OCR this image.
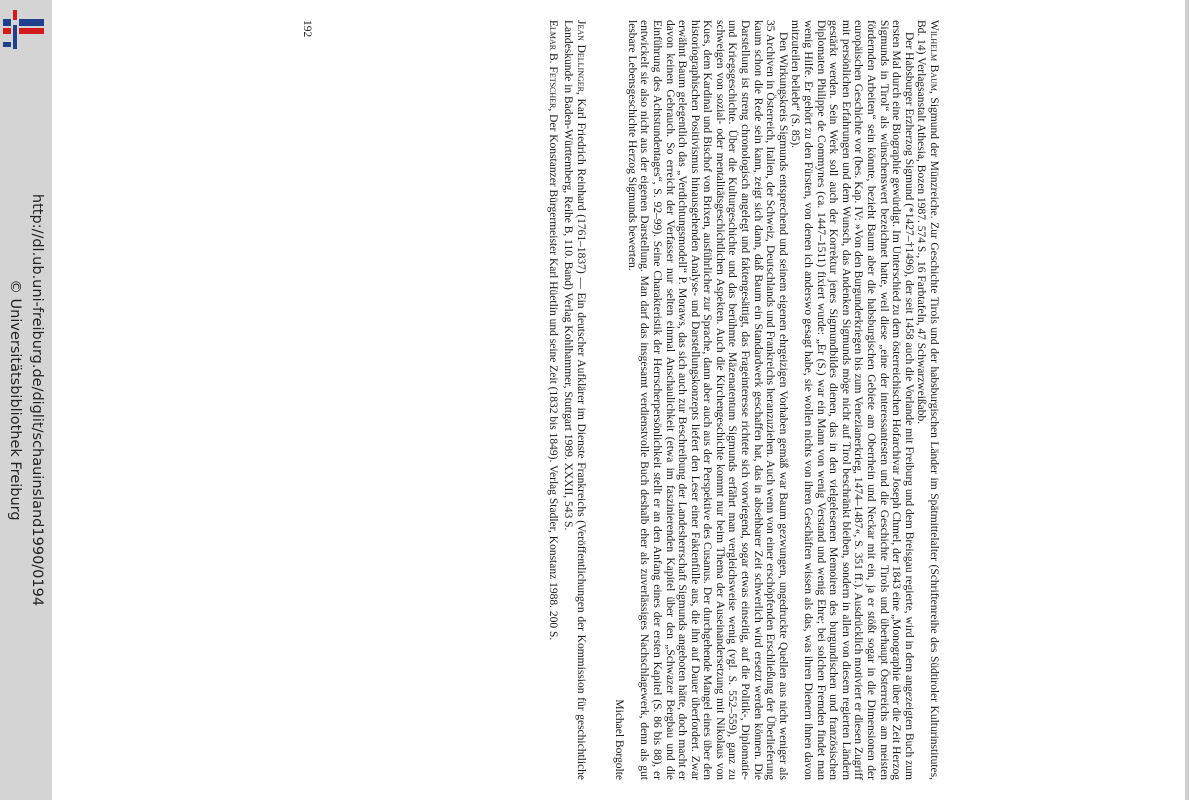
http://dl.ub.uni-freiburg.de/diglit/schauinsland1990/0194
© Universitätsbibliothek Freiburg

Wilhelm Baum, Sigmund der Münzreiche. Zur Geschichte Tirols und der habsburgischen Länder im Spätmittelalter (Schriftenreihe des Südtiroler Kulturinstitutes, Bd. 14) Verlagsanstalt Athesia, Bozen 1987. 574 S., 16 Farbtafeln, 47 Schwarzweißabb.

Der Habsburger Erzherzog Sigmund (*1427–†1496), der seit 1458 auch die Vorlande mit Freiburg und dem Breisgau regierte, wird in dem angezeigten Buch zum ersten Mal durch eine Biographie gewürdigt. Im Unterschied zu dem österreichischen Hofarchivar Joseph Chmel, der 1843 eine „Monographie über die Zeit Herzog Sigmunds in Tirol“ als wünschenswert bezeichnet hatte, weil diese „eine der interessantesten und die Geschichte Tirols und überhaupt Österreichs am meisten fördernden Arbeiten“ sein könnte, bezieht Baum aber die habsburgischen Gebiete am Oberrhein und Neckar mit ein, ja er stößt sogar in die Dimensionen der europäischen Geschichte vor (bes. Kap. IV: »Von den Burgunderkriegen bis zum Venezianerkrieg, 1474–1487«, S. 351 ff.). Ausdrücklich motiviert er diesen Zugriff mit persönlichen Erfahrungen und dem Wunsch, das Andenken Sigmunds möge nicht auf Tirol beschränkt bleiben, sondern in allen von diesem regierten Ländern gestärkt werden. Sein Werk soll auch der Korrektur jenes Sigmundbildes dienen, das in den vielgelesenen Memoiren des burgundischen und französischen Diplomaten Philippe de Commynes (ca. 1447–1511) fixiert wurde: „Er (S.) war ein Mann von wenig Verstand und wenig Ehre; bei solchen Fremden findet man wenig Hilfe. Er gehört zu den Fürsten, von denen ich anderswo gesagt habe, sie wollen nichts von ihren Geschäften wissen als das, was ihren Dienern ihnen davon mitzuteilen beliebt“ (S. 85).

Den Wirkungskreis Sigmunds entsprechend und seinem eigenen ehrgeizigen Vorhaben gemäß war Baum gezwungen, ungedruckte Quellen aus nicht weniger als 35 Archiven in Österreich, Italien, der Schweiz, Deutschlands und Frankreichs heranzuziehen. Auch wenn von einer erschöpfenden Erschließung der Überlieferung kaum schon die Rede sein kann, zeigt sich dann, daß Baum ein Standardwerk geschaffen hat, das in absehbarer Zeit schwerlich wird ersetzt werden können. Die Darstellung ist streng chronologisch angelegt und faktengesättigt, das Frageinteresse richtete sich vorwiegend, sogar etwas einseitig, auf die Politik-, Diplomatie- und Kriegsgeschichte. Über die Kulturgeschichte und das berühmte Mäzenatentum Sigmunds erfährt man vergleichsweise wenig (vgl. S. 552–559), ganz zu schweigen von sozial- oder mentalitätsgeschichtlichen Aspekten. Auch die Kirchengeschichte kommt nur beim Thema der Auseinandersetzung mit Nikolaus von Kues, dem Kardinal und Bischof von Brixen, ausführlicher zur Sprache, dann aber auch aus der Perspektive des Cusanus. Der durchgehende Mangel eines über den historiographischen Positivismus hinausgehenden Analyse- und Darstellungskonzepts liefert den Leser einer Faktenfülle aus, die ihn auf Dauer überfordert. Zwar erwähnt Baum gelegentlich das „Verdichtungsmodell“ P. Moraws, das sich auch zur Beschreibung der Landesherrschaft Sigmunds angeboten hätte, doch macht er davon keinen Gebrauch. So erreicht der Verfasser nur selten einmal Anschaulichkeit (etwa im faszinierenden Kapitel über den „Schwazer Bergbau und die Einführung des Achtstundentages“, S. 92–99). Seine Charakteristik der Herrscherpersönlichkeit stellt er an den Anfang eines der ersten Kapitel (S. 86 bis 88), er entwickelt sie also nicht aus der eigenen Darstellung. Man darf das insgesamt verdienstvolle Buch deshalb eher als zuverlässiges Nachschlagewerk, denn als gut lesbare Lebensgeschichte Herzog Sigmunds bewerten.

Michael Borgolte

Jean Dellinger, Karl Friedrich Reinhard (1761–1837) — Ein deutscher Aufklärer im Dienste Frankreichs (Veröffentlichungen der Kommission für geschichtliche Landeskunde in Baden-Württemberg, Reihe B, 110. Band) Verlag Kohlhammer, Stuttgart 1989. XXXII, 543 S.

Elmar B. Fetscher, Der Konstanzer Bürgermeister Karl Hüetlin und seine Zeit (1832 bis 1849). Verlag Stadler, Konstanz 1988. 200 S.

192
